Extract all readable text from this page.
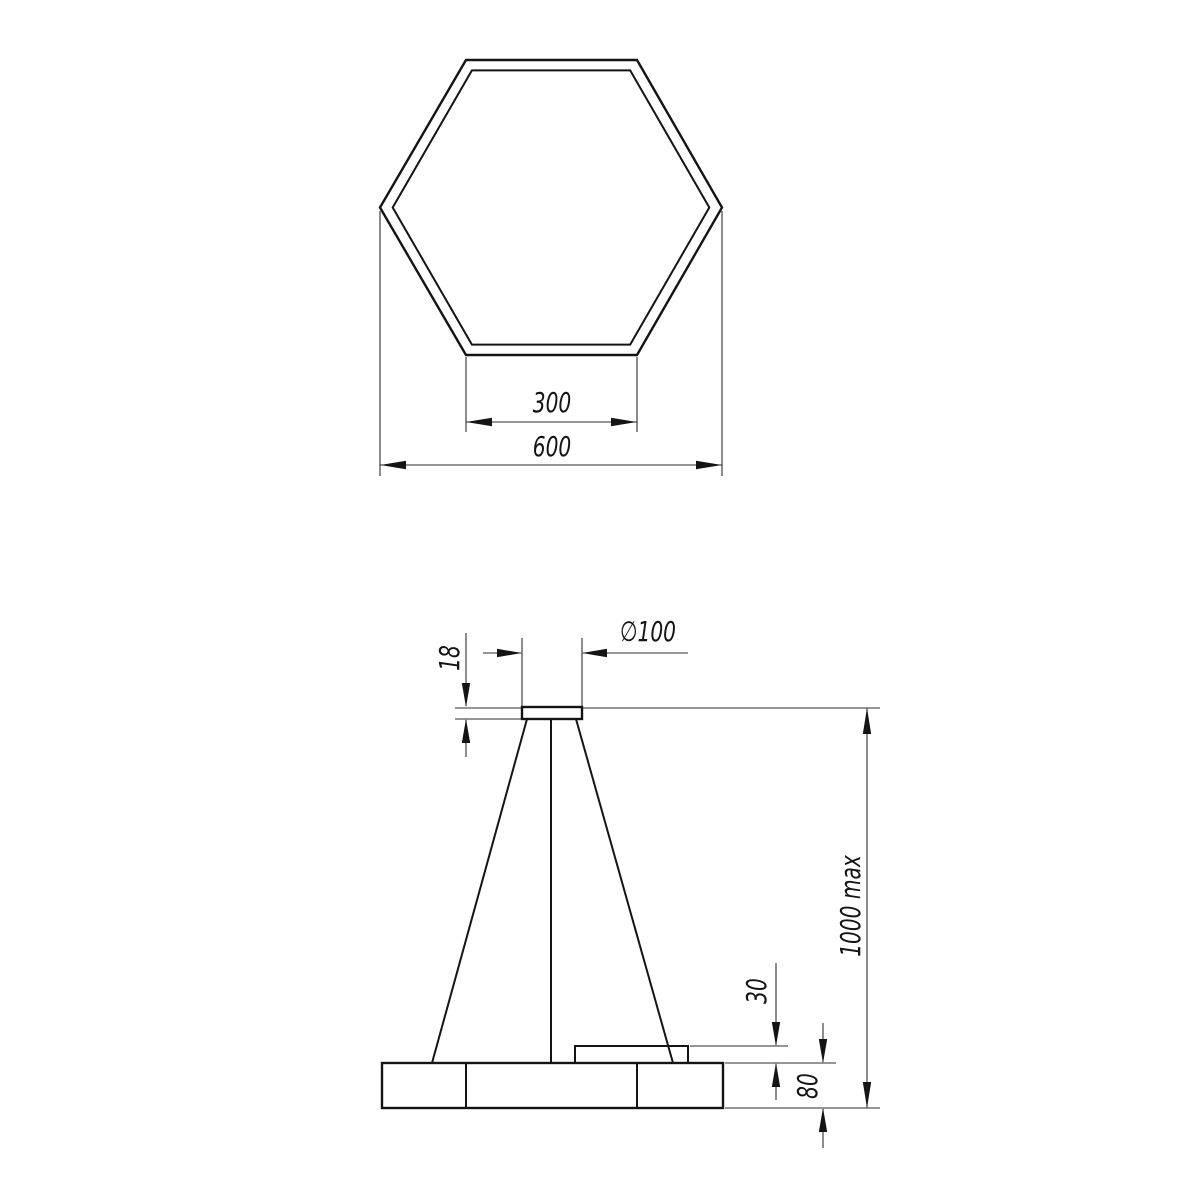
300
600
∅100
18
30
80
1000 max
